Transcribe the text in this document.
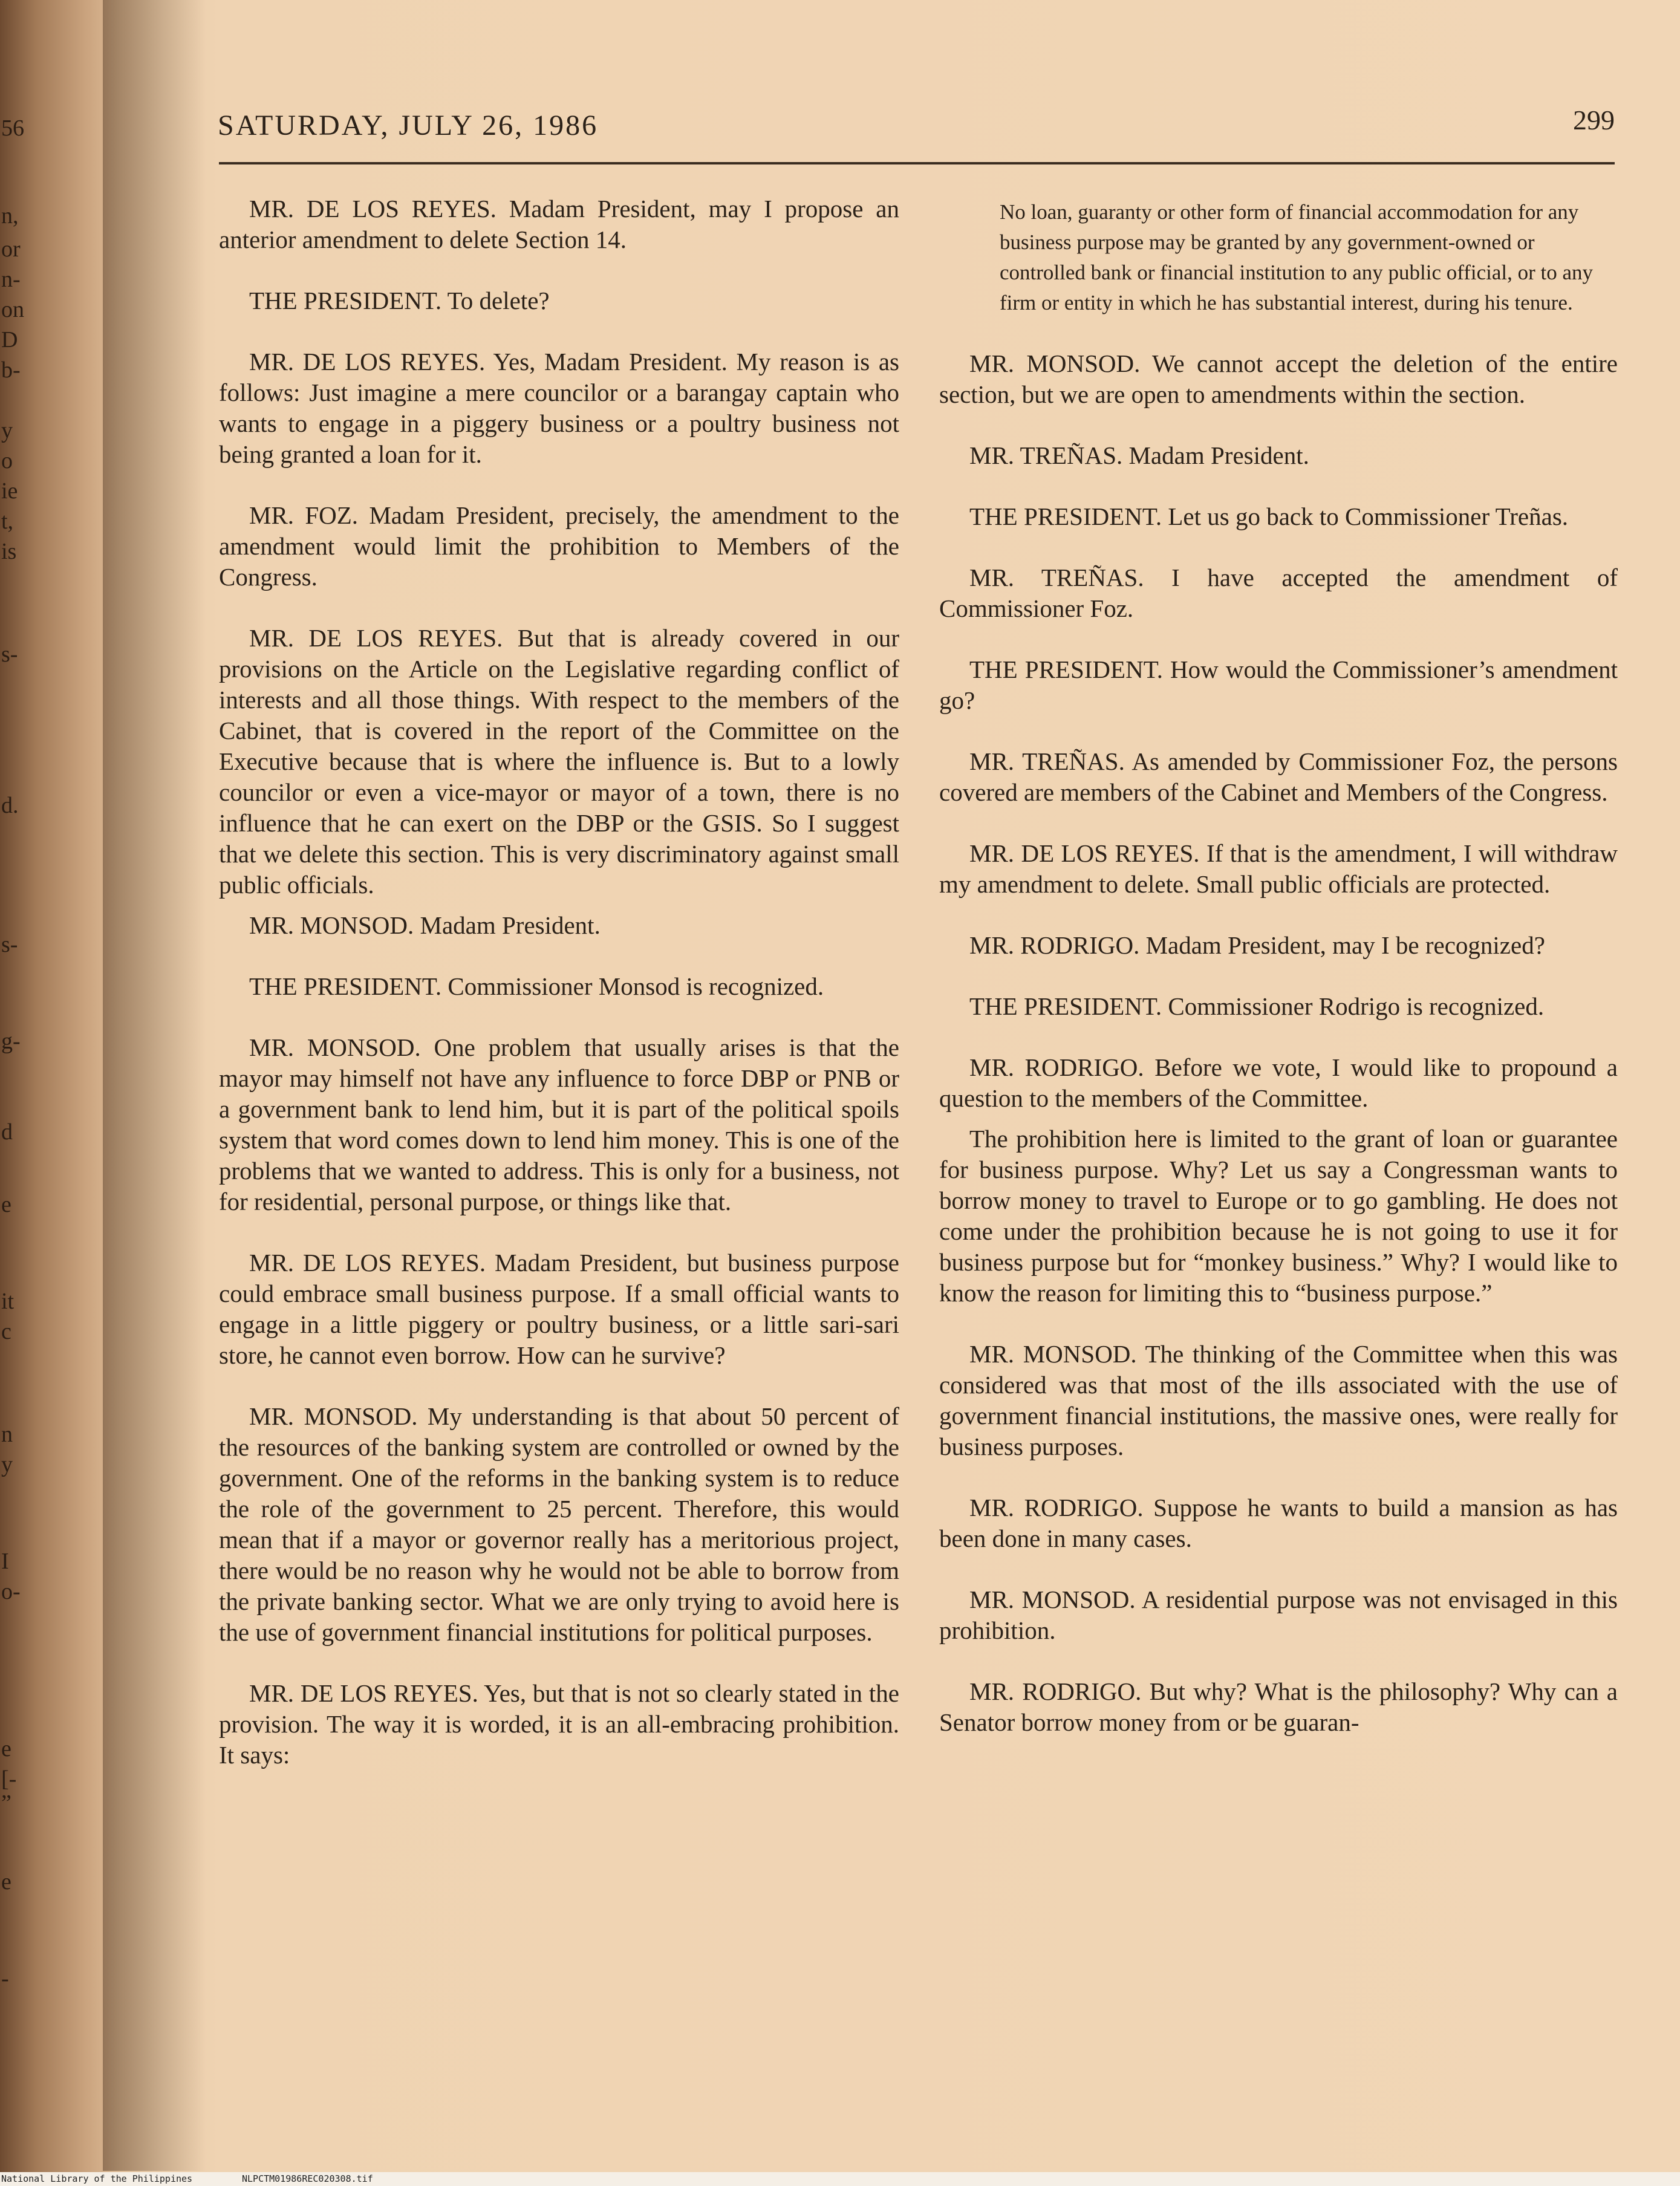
56
n,
or
n-
on
D
b-
y
o
ie
t,
is
s-
d.
s-
g-
d
e
it
c
n
y
I
o-
e
[-
”
e
-
SATURDAY, JULY 26, 1986	299

MR. DE LOS REYES. Madam President, may I propose an anterior amendment to delete Section 14.

THE PRESIDENT. To delete?

MR. DE LOS REYES. Yes, Madam President. My reason is as follows: Just imagine a mere councilor or a barangay captain who wants to engage in a piggery business or a poultry business not being granted a loan for it.

MR. FOZ. Madam President, precisely, the amendment to the amendment would limit the prohibition to Members of the Congress.

MR. DE LOS REYES. But that is already covered in our provisions on the Article on the Legislative regarding conflict of interests and all those things. With respect to the members of the Cabinet, that is covered in the report of the Committee on the Executive because that is where the influence is. But to a lowly councilor or even a vice-mayor or mayor of a town, there is no influence that he can exert on the DBP or the GSIS. So I suggest that we delete this section. This is very discriminatory against small public officials.

MR. MONSOD. Madam President.

THE PRESIDENT. Commissioner Monsod is recognized.

MR. MONSOD. One problem that usually arises is that the mayor may himself not have any influence to force DBP or PNB or a government bank to lend him, but it is part of the political spoils system that word comes down to lend him money. This is one of the problems that we wanted to address. This is only for a business, not for residential, personal purpose, or things like that.

MR. DE LOS REYES. Madam President, but business purpose could embrace small business purpose. If a small official wants to engage in a little piggery or poultry business, or a little sari-sari store, he cannot even borrow. How can he survive?

MR. MONSOD. My understanding is that about 50 percent of the resources of the banking system are controlled or owned by the government. One of the reforms in the banking system is to reduce the role of the government to 25 percent. Therefore, this would mean that if a mayor or governor really has a meritorious project, there would be no reason why he would not be able to borrow from the private banking sector. What we are only trying to avoid here is the use of government financial institutions for political purposes.

MR. DE LOS REYES. Yes, but that is not so clearly stated in the provision. The way it is worded, it is an all-embracing prohibition. It says:

No loan, guaranty or other form of financial accommodation for any business purpose may be granted by any government-owned or controlled bank or financial institution to any public official, or to any firm or entity in which he has substantial interest, during his tenure.

MR. MONSOD. We cannot accept the deletion of the entire section, but we are open to amendments within the section.

MR. TREÑAS. Madam President.

THE PRESIDENT. Let us go back to Commissioner Treñas.

MR. TREÑAS. I have accepted the amendment of Commissioner Foz.

THE PRESIDENT. How would the Commissioner’s amendment go?

MR. TREÑAS. As amended by Commissioner Foz, the persons covered are members of the Cabinet and Members of the Congress.

MR. DE LOS REYES. If that is the amendment, I will withdraw my amendment to delete. Small public officials are protected.

MR. RODRIGO. Madam President, may I be recognized?

THE PRESIDENT. Commissioner Rodrigo is recognized.

MR. RODRIGO. Before we vote, I would like to propound a question to the members of the Committee.

The prohibition here is limited to the grant of loan or guarantee for business purpose. Why? Let us say a Congressman wants to borrow money to travel to Europe or to go gambling. He does not come under the prohibition because he is not going to use it for business purpose but for “monkey business.” Why? I would like to know the reason for limiting this to “business purpose.”

MR. MONSOD. The thinking of the Committee when this was considered was that most of the ills associated with the use of government financial institutions, the massive ones, were really for business purposes.

MR. RODRIGO. Suppose he wants to build a mansion as has been done in many cases.

MR. MONSOD. A residential purpose was not envisaged in this prohibition.

MR. RODRIGO. But why? What is the philosophy? Why can a Senator borrow money from or be guaran-

National Library of the Philippines	NLPCTM01986REC020308.tif
